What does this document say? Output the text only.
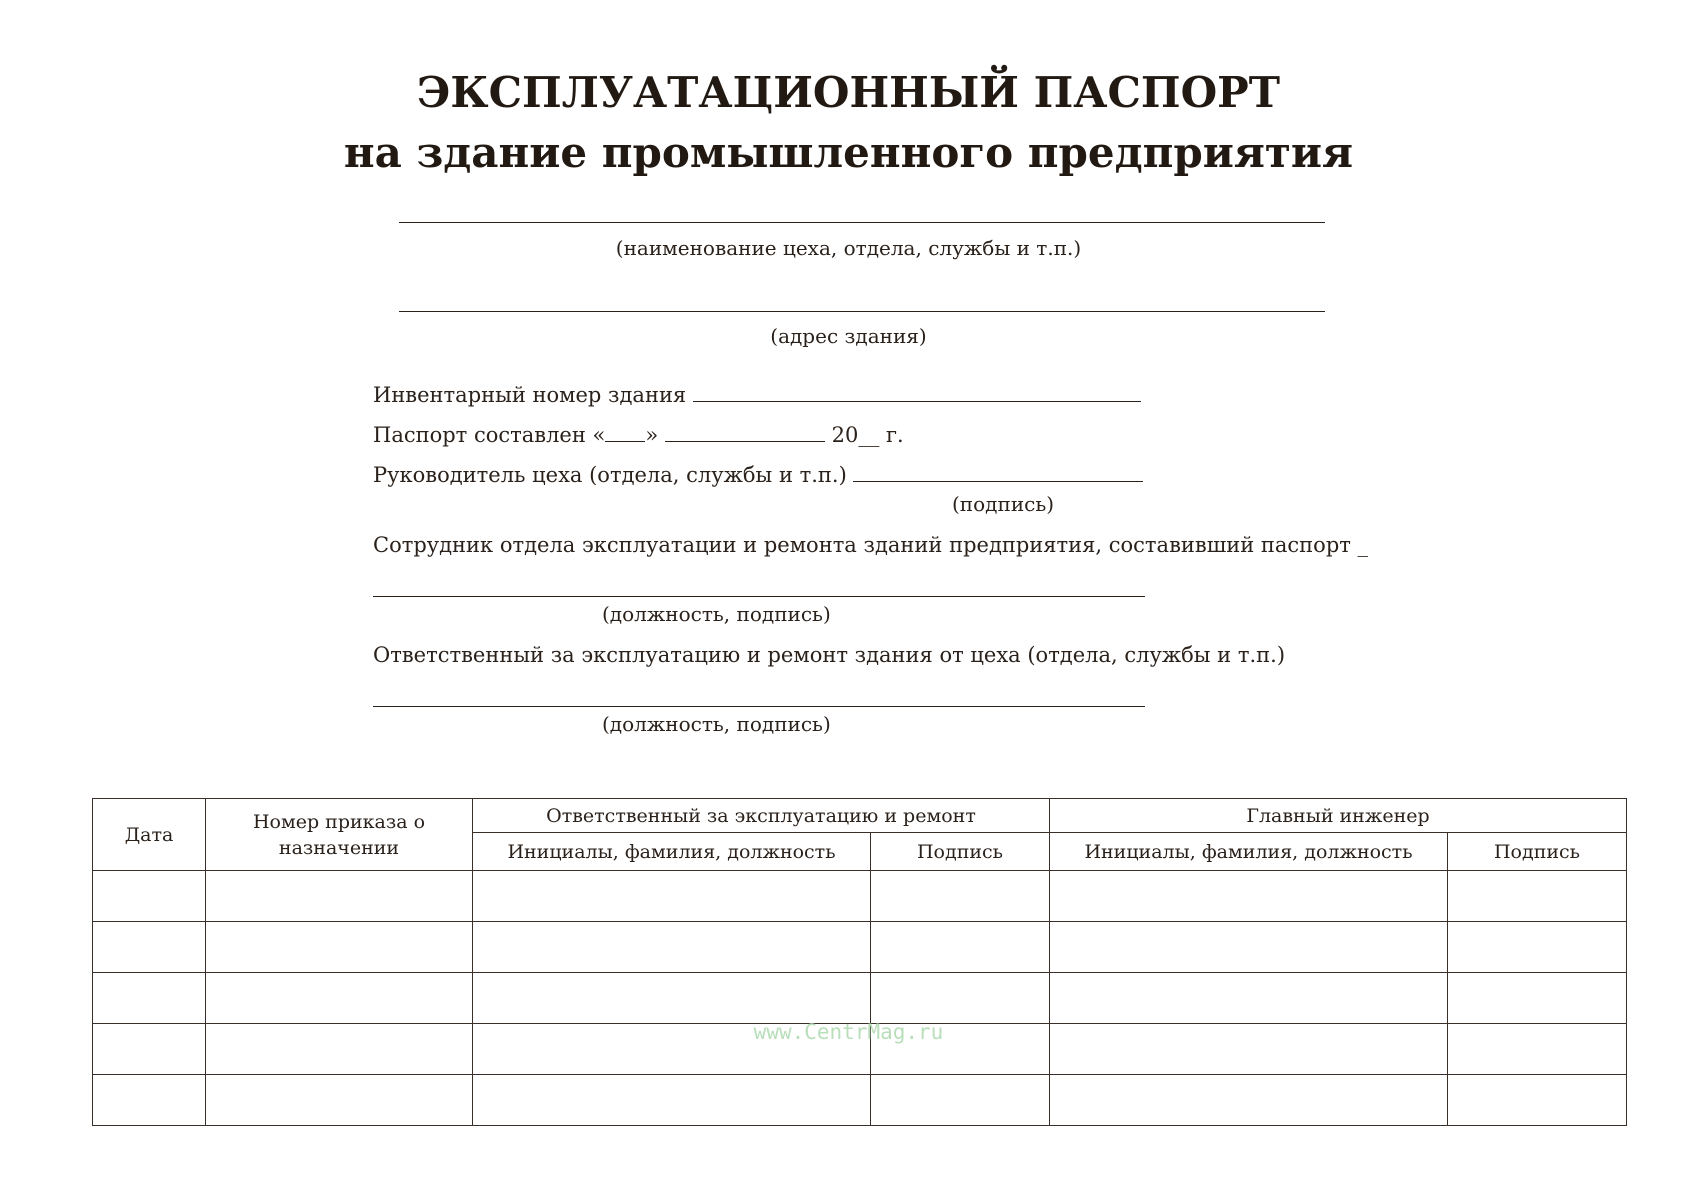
ЭКСПЛУАТАЦИОННЫЙ ПАСПОРТ
на здание промышленного предприятия
(наименование цеха, отдела, службы и т.п.)
(адрес здания)
Инвентарный номер здания
Паспорт составлен « »	20__ г.
Руководитель цеха (отдела, службы и т.п.)
(подпись)
Сотрудник отдела эксплуатации и ремонта зданий предприятия, составивший паспорт _
(должность, подпись)
Ответственный за эксплуатацию и ремонт здания от цеха (отдела, службы и т.п.)
(должность, подпись)
Дата	Номер приказа о назначении	Ответственный за эксплуатацию и ремонт		Главный инженер	
		Инициалы, фамилия, должность	Подпись	Инициалы, фамилия, должность	Подпись

www.CentrMag.ru
